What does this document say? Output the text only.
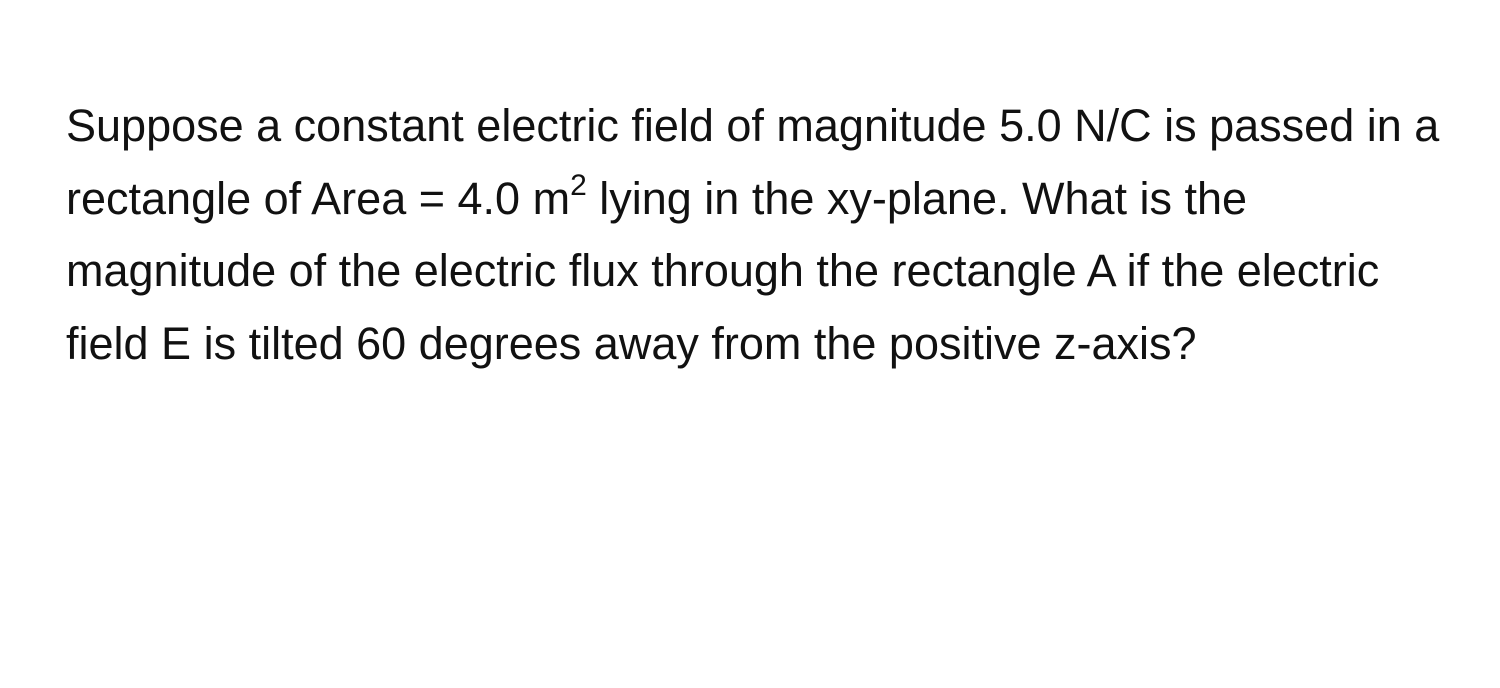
Suppose a constant electric field of magnitude 5.0 N/C is passed in a rectangle of Area = 4.0 $m^2$ lying in the xy-plane. What is the magnitude of the electric flux through the rectangle A if the electric field E is tilted 60 degrees away from the positive z-axis?
